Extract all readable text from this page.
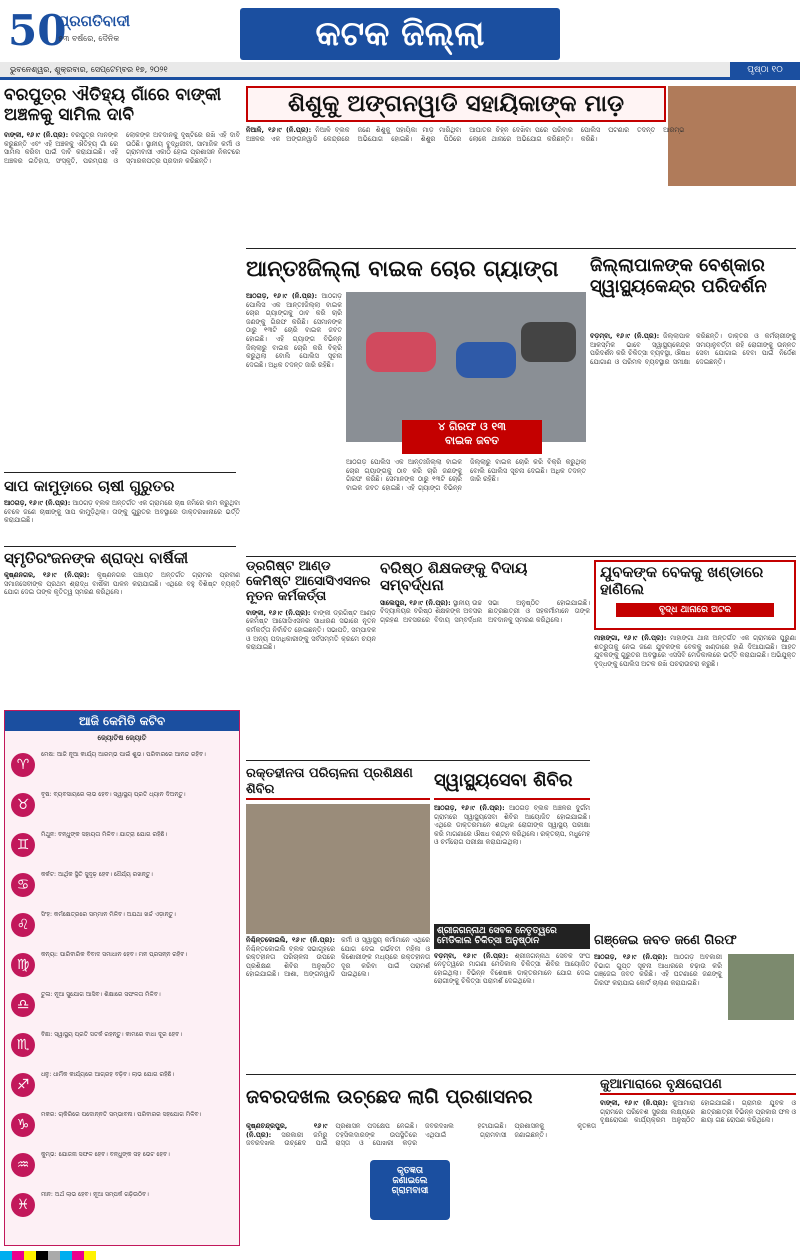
50
ପ୍ରଗତିବାଦୀ
୫୩ ବର୍ଷରେ, ଦୈନିକ	କଟକ ଜିଲ୍ଲା
ଭୁବନେଶ୍ୱର, ଶୁକ୍ରବାର, ସେପ୍ଟେମ୍ବର ୧୭, ୨୦୨୧	ପୃଷ୍ଠା ୧୦
ବରପୁତ୍ର ଐତିହ୍ୟ ଗାଁରେ ବାଙ୍କୀ ଅଞ୍ଚଳକୁ ସାମିଲ ଦାବି
ବାଙ୍କୀ, ୧୬।୯ (ନି.ପ୍ର): ବରପୁତ୍ର ମାନଙ୍କ କରୁଛନ୍ତି ଏବଂ ଏହି ଅଞ୍ଚଳକୁ ଐତିହ୍ୟ ଗାଁ ରେ ସାମିଲ କରିବା ପାଇଁ ଦାବି କରାଯାଇଛି। ଏହି ଅଞ୍ଚଳର ଇତିହାସ, ସଂସ୍କୃତି, ପରମ୍ପରା ଓ ଲୋକଙ୍କ ଅବଦାନକୁ ଦୃଷ୍ଟିରେ ରଖି ଏହି ଦାବି ଉଠିଛି। ସ୍ଥାନୀୟ ବୁଦ୍ଧିଜୀବୀ, ସାମାଜିକ କର୍ମୀ ଓ ଗ୍ରାମବାସୀ ଏକାଠି ହୋଇ ପ୍ରଶାସନ ନିକଟରେ ସ୍ମାରକପତ୍ର ପ୍ରଦାନ କରିଛନ୍ତି।
ସାପ କାମୁଡ଼ାରେ ଚାଷୀ ଗୁରୁତର
ଆଠଗଡ଼, ୧୬।୯ (ନି.ପ୍ର): ଆଠଗଡ଼ ବ୍ଲକ ଅନ୍ତର୍ଗତ ଏକ ଗ୍ରାମରେ ଚାଷ ଜମିରେ କାମ କରୁଥିବା ବେଳେ ଜଣେ ଚାଷୀଙ୍କୁ ସାପ କାମୁଡ଼ିଥିଲା। ତାଙ୍କୁ ଗୁରୁତର ଅବସ୍ଥାରେ ଡାକ୍ତରଖାନାରେ ଭର୍ତ୍ତି କରାଯାଇଛି।
ସ୍ମୃତିରଂଜନଙ୍କ ଶ୍ରାଦ୍ଧ ବାର୍ଷିକୀ
କୃଷ୍ଣନଗର, ୧୬।୯ (ନି.ପ୍ର): କୃଷ୍ଣନଗର ପଞ୍ଚାୟତ ଅନ୍ତର୍ଗତ ଗ୍ରାମର ପ୍ରବୀଣ ସମାଜସେବୀଙ୍କ ପ୍ରଥମ ଶ୍ରାଦ୍ଧ ବାର୍ଷିକୀ ପାଳନ କରାଯାଇଛି। ଏଥିରେ ବହୁ ବିଶିଷ୍ଟ ବ୍ୟକ୍ତି ଯୋଗ ଦେଇ ତାଙ୍କ କୃତିତ୍ୱ ସ୍ମରଣ କରିଥିଲେ।
ଆଜି କେମିତି କଟିବ
ଜ୍ୟୋତିଷ ଜ୍ୟୋତି
♈
ମେଷ: ଆଜି ନୂଆ କାର୍ଯ୍ୟ ଆରମ୍ଭ ପାଇଁ ଶୁଭ। ପରିବାରରେ ଆନନ୍ଦ ରହିବ।
♉
ବୃଷ: ବ୍ୟବସାୟରେ ଲାଭ ହେବ। ସ୍ୱାସ୍ଥ୍ୟ ପ୍ରତି ଧ୍ୟାନ ଦିଅନ୍ତୁ।
♊
ମିଥୁନ: ବନ୍ଧୁଙ୍କ ସହାୟତା ମିଳିବ। ଯାତ୍ରା ଯୋଗ ରହିଛି।
♋
କର୍କଟ: ଆର୍ଥିକ ସ୍ଥିତି ସୁଦୃଢ଼ ହେବ। ଧୈର୍ଯ୍ୟ ରଖନ୍ତୁ।
♌
ସିଂହ: କର୍ମକ୍ଷେତ୍ରରେ ସମ୍ମାନ ମିଳିବ। ଅଯଥା ଖର୍ଚ୍ଚ ଏଡ଼ାନ୍ତୁ।
♍
କନ୍ୟା: ପାରିବାରିକ ବିବାଦ ସମାଧାନ ହେବ। ମନ ପ୍ରସନ୍ନ ରହିବ।
♎
ତୁଳା: ନୂଆ ସୁଯୋଗ ଆସିବ। ଶିକ୍ଷାରେ ସଫଳତା ମିଳିବ।
♏
ବିଛା: ସ୍ୱାସ୍ଥ୍ୟ ପ୍ରତି ସତର୍କ ରହନ୍ତୁ। କାମରେ ବାଧା ଦୂର ହେବ।
♐
ଧନୁ: ଧାର୍ମିକ କାର୍ଯ୍ୟରେ ଆଗ୍ରହ ବଢ଼ିବ। ଲାଭ ଯୋଗ ରହିଛି।
♑
ମକର: ଚାକିରିରେ ପଦୋନ୍ନତି ସମ୍ଭାବନା। ପରିବାରର ସହଯୋଗ ମିଳିବ।
♒
କୁମ୍ଭ: ଯୋଜନା ସଫଳ ହେବ। ବନ୍ଧୁଙ୍କ ସହ ଭେଟ ହେବ।
♓
ମୀନ: ଅର୍ଥ ଲାଭ ହେବ। ନୂଆ ସମ୍ପର୍କ ଗଢ଼ିଉଠିବ।
ଶିଶୁକୁ ଅଙ୍ଗନୱାଡି ସହାୟିକାଙ୍କ ମାଡ଼
ନିଆଳି, ୧୬।୯ (ନି.ପ୍ର): ନିଆଳି ବ୍ଲକ ଅଞ୍ଚଳର ଏକ ଅଙ୍ଗନୱାଡି କେନ୍ଦ୍ରରେ ଜଣେ ଶିଶୁକୁ ସହାୟିକା ମାଡ଼ ମାରିଥିବା ଅଭିଯୋଗ ହୋଇଛି। ଶିଶୁର ପିଠିରେ ଆଘାତର ଚିହ୍ନ ଦେଖିବା ପରେ ପରିବାର ଲୋକେ ଥାନାରେ ଅଭିଯୋଗ କରିଛନ୍ତି। ପୋଲିସ ଘଟଣାର ତଦନ୍ତ ଆରମ୍ଭ କରିଛି।
ଆନ୍ତଃଜିଲ୍ଲା ବାଇକ ଚୋର ଗ୍ୟାଙ୍ଗ
ଆଠଗଡ଼, ୧୬।୯ (ନି.ପ୍ର): ଆଠଗଡ଼ ପୋଲିସ ଏକ ଆନ୍ତଃଜିଲ୍ଲା ବାଇକ ଚୋର ଗ୍ୟାଙ୍ଗକୁ ଠାବ କରି ଚାରି ଜଣଙ୍କୁ ଗିରଫ କରିଛି। ସେମାନଙ୍କ ଠାରୁ ୧୩ଟି ଚୋରି ବାଇକ ଜବତ ହୋଇଛି। ଏହି ଗ୍ୟାଙ୍ଗ ବିଭିନ୍ନ ଜିଲ୍ଲାରୁ ବାଇକ ଚୋରି କରି ବିକ୍ରି କରୁଥିଲା ବୋଲି ପୋଲିସ ସୂଚନା ଦେଇଛି। ଅଧିକ ତଦନ୍ତ ଜାରି ରହିଛି।
୪ ଗିରଫ ଓ ୧୩
ବାଇକ ଜବତ
ଆଠଗଡ଼ ପୋଲିସ ଏକ ଆନ୍ତଃଜିଲ୍ଲା ବାଇକ ଚୋର ଗ୍ୟାଙ୍ଗକୁ ଠାବ କରି ଚାରି ଜଣଙ୍କୁ ଗିରଫ କରିଛି। ସେମାନଙ୍କ ଠାରୁ ୧୩ଟି ଚୋରି ବାଇକ ଜବତ ହୋଇଛି। ଏହି ଗ୍ୟାଙ୍ଗ ବିଭିନ୍ନ ଜିଲ୍ଲାରୁ ବାଇକ ଚୋରି କରି ବିକ୍ରି କରୁଥିଲା ବୋଲି ପୋଲିସ ସୂଚନା ଦେଇଛି। ଅଧିକ ତଦନ୍ତ ଜାରି ରହିଛି।
ଜିଲ୍ଲାପାଳଙ୍କ ବେଶ୍‌କାର ସ୍ୱାସ୍ଥ୍ୟକେନ୍ଦ୍ର ପରିଦର୍ଶନ
ବଡ଼ମ୍ବା, ୧୬।୯ (ନି.ପ୍ର): ଜିଲ୍ଲାପାଳ ଆକସ୍ମିକ ଭାବେ ସ୍ୱାସ୍ଥ୍ୟକେନ୍ଦ୍ର ପରିଦର୍ଶନ କରି ଚିକିତ୍ସା ବ୍ୟବସ୍ଥା, ଔଷଧ ଯୋଗାଣ ଓ ପରିମଳ ବ୍ୟବସ୍ଥାର ସମୀକ୍ଷା କରିଛନ୍ତି। ଡାକ୍ତର ଓ କର୍ମଚାରୀଙ୍କୁ ସମୟାନୁବର୍ତ୍ତୀ ରହି ରୋଗୀଙ୍କୁ ଉନ୍ନତ ସେବା ଯୋଗାଇ ଦେବା ପାଇଁ ନିର୍ଦ୍ଦେଶ ଦେଇଛନ୍ତି।
ଡ୍ରଗିଷ୍ଟ ଆଣ୍ଡ କେମିଷ୍ଟ ଆସୋସିଏସନର ନୂତନ କର୍ମକର୍ତ୍ତା
ବାଙ୍କୀ, ୧୬।୯ (ନି.ପ୍ର): ବାଙ୍କୀ ଡ୍ରଗିଷ୍ଟ ଆଣ୍ଡ କେମିଷ୍ଟ ଆସୋସିଏସନର ସାଧାରଣ ସଭାରେ ନୂତନ କର୍ମକର୍ତ୍ତା ନିର୍ବାଚିତ ହୋଇଛନ୍ତି। ସଭାପତି, ସମ୍ପାଦକ ଓ ଅନ୍ୟ ପଦାଧିକାରୀଙ୍କୁ ସର୍ବସମ୍ମତି କ୍ରମେ ଚୟନ କରାଯାଇଛି।
ବରିଷ୍ଠ ଶିକ୍ଷକଙ୍କୁ ବିଦାୟ ସମ୍ବର୍ଦ୍ଧନା
ସାଲେପୁର, ୧୬।୯ (ନି.ପ୍ର): ସ୍ଥାନୀୟ ଉଚ୍ଚ ବିଦ୍ୟାଳୟର ବରିଷ୍ଠ ଶିକ୍ଷକଙ୍କ ଅବସର ଗ୍ରହଣ ଅବସରରେ ବିଦାୟ ସମ୍ବର୍ଦ୍ଧନା ସଭା ଅନୁଷ୍ଠିତ ହୋଇଯାଇଛି। ଛାତ୍ରଛାତ୍ରୀ ଓ ସହକର୍ମୀମାନେ ତାଙ୍କ ଅବଦାନକୁ ସ୍ମରଣ କରିଥିଲେ।
ଯୁବକଙ୍କ ବେକକୁ ଖଣ୍ଡାରେ ହାଣିଲେ
ବୃଦ୍ଧ ଥାନାରେ ଅଟକ
ମାହାଙ୍ଗା, ୧୬।୯ (ନି.ପ୍ର): ମାହାଙ୍ଗା ଥାନା ଅନ୍ତର୍ଗତ ଏକ ଗ୍ରାମରେ ପୁରୁଣା ଶତ୍ରୁତାକୁ ନେଇ ଜଣେ ଯୁବକଙ୍କ ବେକକୁ ଖଣ୍ଡାରେ ହାଣି ଦିଆଯାଇଛି। ଆହତ ଯୁବକଙ୍କୁ ଗୁରୁତର ଅବସ୍ଥାରେ ଏସସିବି ମେଡିକାଲରେ ଭର୍ତ୍ତି କରାଯାଇଛି। ଅଭିଯୁକ୍ତ ବୃଦ୍ଧଙ୍କୁ ପୋଲିସ ଅଟକ ରଖି ପଚରାଉଚରା କରୁଛି।
ରକ୍ତହୀନତା ପରିଚାଳନା ପ୍ରଶିକ୍ଷଣ ଶିବିର
ନିଶ୍ଚିନ୍ତକୋଇଲି, ୧୬।୯ (ନି.ପ୍ର): ନିଶ୍ଚିନ୍ତକୋଇଲି ବ୍ଲକ ସଭାଗୃହରେ ରକ୍ତହୀନତା ପରିଚାଳନା ଉପରେ ପ୍ରଶିକ୍ଷଣ ଶିବିର ଅନୁଷ୍ଠିତ ହୋଇଯାଇଛି। ଆଶା, ଅଙ୍ଗନୱାଡି କର୍ମୀ ଓ ସ୍ୱାସ୍ଥ୍ୟ କର୍ମୀମାନେ ଏଥିରେ ଯୋଗ ଦେଇ ଗର୍ଭବତୀ ମହିଳା ଓ କିଶୋରୀଙ୍କ ମଧ୍ୟରେ ରକ୍ତହୀନତା ଦୂର କରିବା ପାଇଁ ପରାମର୍ଶ ପାଇଥିଲେ।
ସ୍ୱାସ୍ଥ୍ୟସେବା ଶିବିର
ଆଠଗଡ଼, ୧୬।୯ (ନି.ପ୍ର): ଆଠଗଡ଼ ବ୍ଲକ ଅଞ୍ଚଳର ଦୁର୍ଗମ ଗ୍ରାମରେ ସ୍ୱାସ୍ଥ୍ୟସେବା ଶିବିର ଆୟୋଜିତ ହୋଇଯାଇଛି। ଏଥିରେ ଡାକ୍ତରମାନେ ଶତାଧିକ ରୋଗୀଙ୍କ ସ୍ୱାସ୍ଥ୍ୟ ପରୀକ୍ଷା କରି ମାଗଣାରେ ଔଷଧ ବଣ୍ଟନ କରିଥିଲେ। ରକ୍ତଚାପ, ମଧୁମେହ ଓ ଚର୍ମରୋଗ ପରୀକ୍ଷା କରାଯାଇଥିଲା।
ଶ୍ରୀଜଗନ୍ନାଥ ସେବକ ନେତୃତ୍ୱରେ ମେଡିକାଲ ଚିକିତ୍ସା ଅନୁଷ୍ଠାନ
ବଡ଼ମ୍ବା, ୧୬।୯ (ନି.ପ୍ର): ଶ୍ରୀଜଗନ୍ନାଥ ସେବକ ସଂଘ ନେତୃତ୍ୱରେ ମାଗଣା ମେଡିକାଲ ଚିକିତ୍ସା ଶିବିର ଆୟୋଜିତ ହୋଇଥିଲା। ବିଭିନ୍ନ ବିଶେଷଜ୍ଞ ଡାକ୍ତରମାନେ ଯୋଗ ଦେଇ ରୋଗୀଙ୍କୁ ଚିକିତ୍ସା ପରାମର୍ଶ ଦେଇଥିଲେ।
ଗଞ୍ଜେଇ ଜବତ ଜଣେ ଗିରଫ
ଆଠଗଡ଼, ୧୬।୯ (ନି.ପ୍ର): ଆଠଗଡ଼ ଅବକାରୀ ବିଭାଗ ଗୁପ୍ତ ସୂଚନା ଆଧାରରେ ଚଢ଼ାଉ କରି ଗଞ୍ଜେଇ ଜବତ କରିଛି। ଏହି ଘଟଣାରେ ଜଣଙ୍କୁ ଗିରଫ କରାଯାଇ କୋର୍ଟ ଚାଲାଣ କରାଯାଇଛି।
ଜବରଦଖଲ ଉଚ୍ଛେଦ ଲାଗି ପ୍ରଶାସନର
କୃଷ୍ଣଚନ୍ଦ୍ରପୁର, ୧୬।୯ (ନି.ପ୍ର): ସରକାରୀ ଜମିରୁ ଜବରଦଖଲ ଉଚ୍ଛେଦ ପାଇଁ ପ୍ରଶାସନ ପଦକ୍ଷେପ ନେଇଛି। ତହସିଲଦାରଙ୍କ ଉପସ୍ଥିତିରେ ରାସ୍ତା ଓ ପୋଖରୀ କଡ଼ର ଜବରଦଖଲ ହଟାଯାଇଛି। ଏଥିପାଇଁ ଗ୍ରାମବାସୀ ପ୍ରଶାସନକୁ କୃତଜ୍ଞତା ଜଣାଇଛନ୍ତି।
କୃତଜ୍ଞତା
ଜଣାଇଲେ
ଗ୍ରାମବାସୀ
କୁଆମାରାରେ ବୃକ୍ଷରୋପଣ
ବାଙ୍କୀ, ୧୬।୯ (ନି.ପ୍ର): କୁଆମାରା ଗ୍ରାମରେ ପରିବେଶ ସୁରକ୍ଷା ଲକ୍ଷ୍ୟରେ ବୃକ୍ଷରୋପଣ କାର୍ଯ୍ୟକ୍ରମ ଅନୁଷ୍ଠିତ ହୋଇଯାଇଛି। ଗ୍ରାମର ଯୁବକ ଓ ଛାତ୍ରଛାତ୍ରୀ ବିଭିନ୍ନ ପ୍ରକାର ଫଳ ଓ ଛାୟା ଗଛ ରୋପଣ କରିଥିଲେ।
